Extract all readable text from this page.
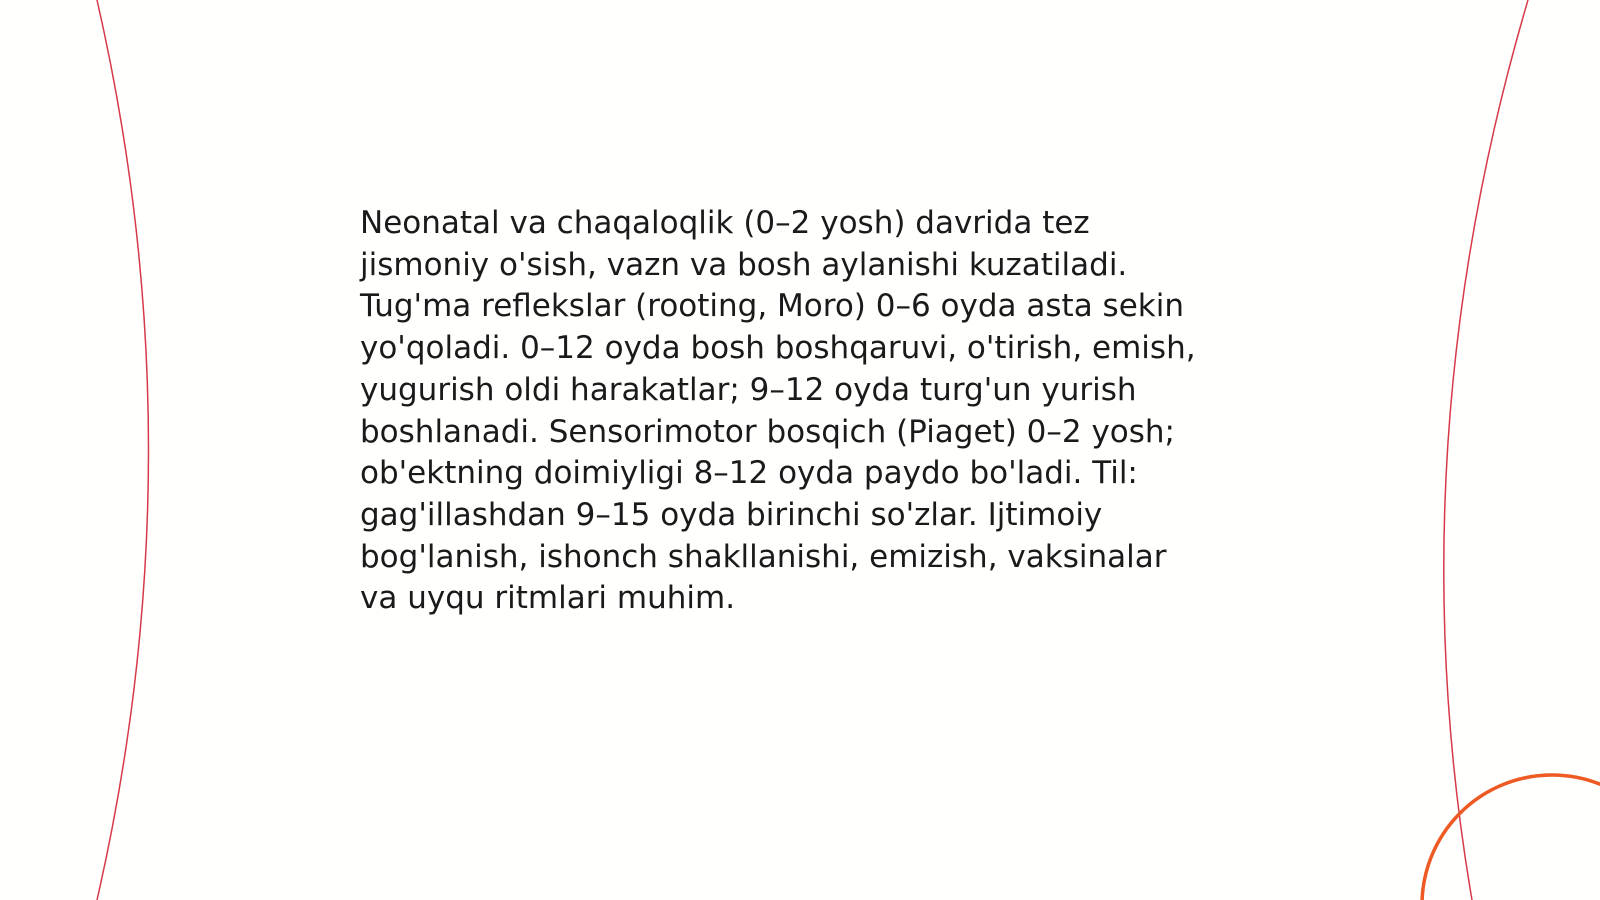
Neonatal va chaqaloqlik (0–2 yosh) davrida tez
jismoniy o'sish, vazn va bosh aylanishi kuzatiladi.
Tug'ma reflekslar (rooting, Moro) 0–6 oyda asta sekin
yo'qoladi. 0–12 oyda bosh boshqaruvi, o'tirish, emish,
yugurish oldi harakatlar; 9–12 oyda turg'un yurish
boshlanadi. Sensorimotor bosqich (Piaget) 0–2 yosh;
ob'ektning doimiyligi 8–12 oyda paydo bo'ladi. Til:
gag'illashdan 9–15 oyda birinchi so'zlar. Ijtimoiy
bog'lanish, ishonch shakllanishi, emizish, vaksinalar
va uyqu ritmlari muhim.
